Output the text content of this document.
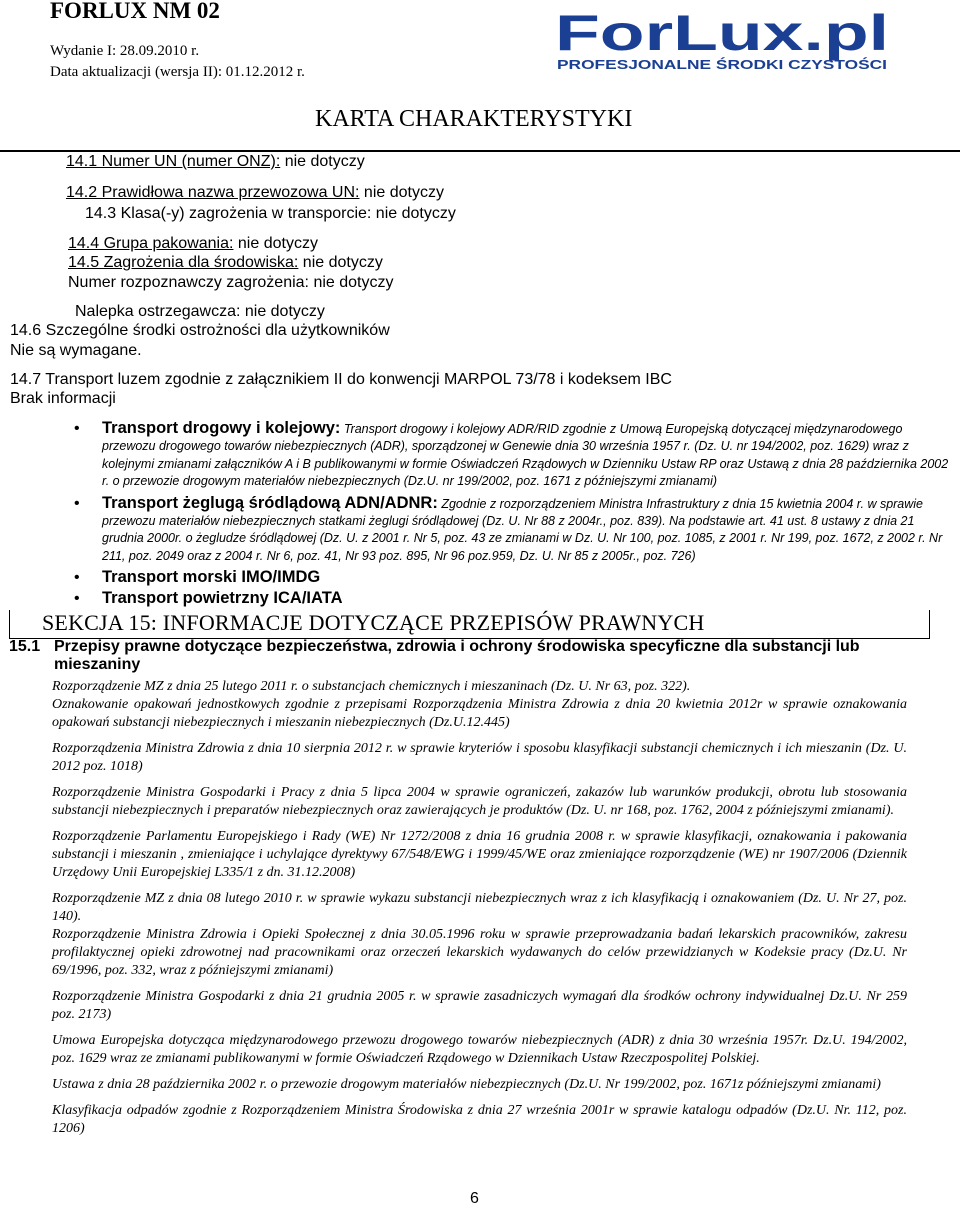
FORLUX NM 02
Wydanie I: 28.09.2010 r.
Data aktualizacji (wersja II): 01.12.2012 r.
ForLux.pl
PROFESJONALNE ŚRODKI CZYSTOŚCI
KARTA CHARAKTERYSTYKI
14.1 Numer UN (numer ONZ): nie dotyczy
14.2 Prawidłowa nazwa przewozowa UN: nie dotyczy
14.3 Klasa(-y) zagrożenia w transporcie: nie dotyczy
14.4 Grupa pakowania: nie dotyczy
14.5 Zagrożenia dla środowiska: nie dotyczy
Numer rozpoznawczy zagrożenia: nie dotyczy
Nalepka ostrzegawcza: nie dotyczy
14.6 Szczególne środki ostrożności dla użytkowników
Nie są wymagane.
14.7 Transport luzem zgodnie z załącznikiem II do konwencji MARPOL 73/78 i kodeksem IBC
Brak informacji
• Transport drogowy i kolejowy: Transport drogowy i kolejowy ADR/RID zgodnie z Umową Europejską dotyczącej międzynarodowego przewozu drogowego towarów niebezpiecznych (ADR), sporządzonej w Genewie dnia 30 września 1957 r. (Dz. U. nr 194/2002, poz. 1629) wraz z kolejnymi zmianami załączników A i B publikowanymi w formie Oświadczeń Rządowych w Dzienniku Ustaw RP oraz Ustawą z dnia 28 października 2002 r. o przewozie drogowym materiałów niebezpiecznych (Dz.U. nr 199/2002, poz. 1671 z późniejszymi zmianami)
• Transport żeglugą śródlądową ADN/ADNR: Zgodnie z rozporządzeniem Ministra Infrastruktury z dnia 15 kwietnia 2004 r. w sprawie przewozu materiałów niebezpiecznych statkami żeglugi śródlądowej (Dz. U. Nr 88 z 2004r., poz. 839). Na podstawie art. 41 ust. 8 ustawy z dnia 21 grudnia 2000r. o żegludze śródlądowej (Dz. U. z 2001 r. Nr 5, poz. 43 ze zmianami w Dz. U. Nr 100, poz. 1085, z 2001 r. Nr 199, poz. 1672, z 2002 r. Nr 211, poz. 2049 oraz z 2004 r. Nr 6, poz. 41, Nr 93 poz. 895, Nr 96 poz.959, Dz. U. Nr 85 z 2005r., poz. 726)
• Transport morski IMO/IMDG
• Transport powietrzny ICA/IATA
SEKCJA 15: INFORMACJE DOTYCZĄCE PRZEPISÓW PRAWNYCH
15.1 Przepisy prawne dotyczące bezpieczeństwa, zdrowia i ochrony środowiska specyficzne dla substancji lub mieszaniny

Rozporządzenie MZ z dnia 25 lutego 2011 r. o substancjach chemicznych i mieszaninach (Dz. U. Nr 63, poz. 322).

Oznakowanie opakowań jednostkowych zgodnie z przepisami Rozporządzenia Ministra Zdrowia z dnia 20 kwietnia 2012r w sprawie oznakowania opakowań substancji niebezpiecznych i mieszanin niebezpiecznych (Dz.U.12.445)

Rozporządzenia Ministra Zdrowia z dnia 10 sierpnia 2012 r. w sprawie kryteriów i sposobu klasyfikacji substancji chemicznych i ich mieszanin (Dz. U. 2012 poz. 1018)

Rozporządzenie Ministra Gospodarki i Pracy z dnia 5 lipca 2004 w sprawie ograniczeń, zakazów lub warunków produkcji, obrotu lub stosowania substancji niebezpiecznych i preparatów niebezpiecznych oraz zawierających je produktów (Dz. U. nr 168, poz. 1762, 2004 z późniejszymi zmianami).

Rozporządzenie Parlamentu Europejskiego i Rady (WE) Nr 1272/2008 z dnia 16 grudnia 2008 r. w sprawie klasyfikacji, oznakowania i pakowania substancji i mieszanin , zmieniające i uchylające dyrektywy 67/548/EWG i 1999/45/WE oraz zmieniające rozporządzenie (WE) nr 1907/2006 (Dziennik Urzędowy Unii Europejskiej L335/1 z dn. 31.12.2008)

Rozporządzenie MZ z dnia 08 lutego 2010 r. w sprawie wykazu substancji niebezpiecznych wraz z ich klasyfikacją i oznakowaniem (Dz. U. Nr 27, poz. 140).

Rozporządzenie Ministra Zdrowia i Opieki Społecznej z dnia 30.05.1996 roku w sprawie przeprowadzania badań lekarskich pracowników, zakresu profilaktycznej opieki zdrowotnej nad pracownikami oraz orzeczeń lekarskich wydawanych do celów przewidzianych w Kodeksie pracy (Dz.U. Nr 69/1996, poz. 332, wraz z późniejszymi zmianami)

Rozporządzenie Ministra Gospodarki z dnia 21 grudnia 2005 r. w sprawie zasadniczych wymagań dla środków ochrony indywidualnej Dz.U. Nr 259 poz. 2173)

Umowa Europejska dotycząca międzynarodowego przewozu drogowego towarów niebezpiecznych (ADR) z dnia 30 września 1957r. Dz.U. 194/2002, poz. 1629 wraz ze zmianami publikowanymi w formie Oświadczeń Rządowego w Dziennikach Ustaw Rzeczpospolitej Polskiej.

Ustawa z dnia 28 października 2002 r. o przewozie drogowym materiałów niebezpiecznych (Dz.U. Nr 199/2002, poz. 1671z późniejszymi zmianami)

Klasyfikacja odpadów zgodnie z Rozporządzeniem Ministra Środowiska z dnia 27 września 2001r w sprawie katalogu odpadów (Dz.U. Nr. 112, poz. 1206)

6
